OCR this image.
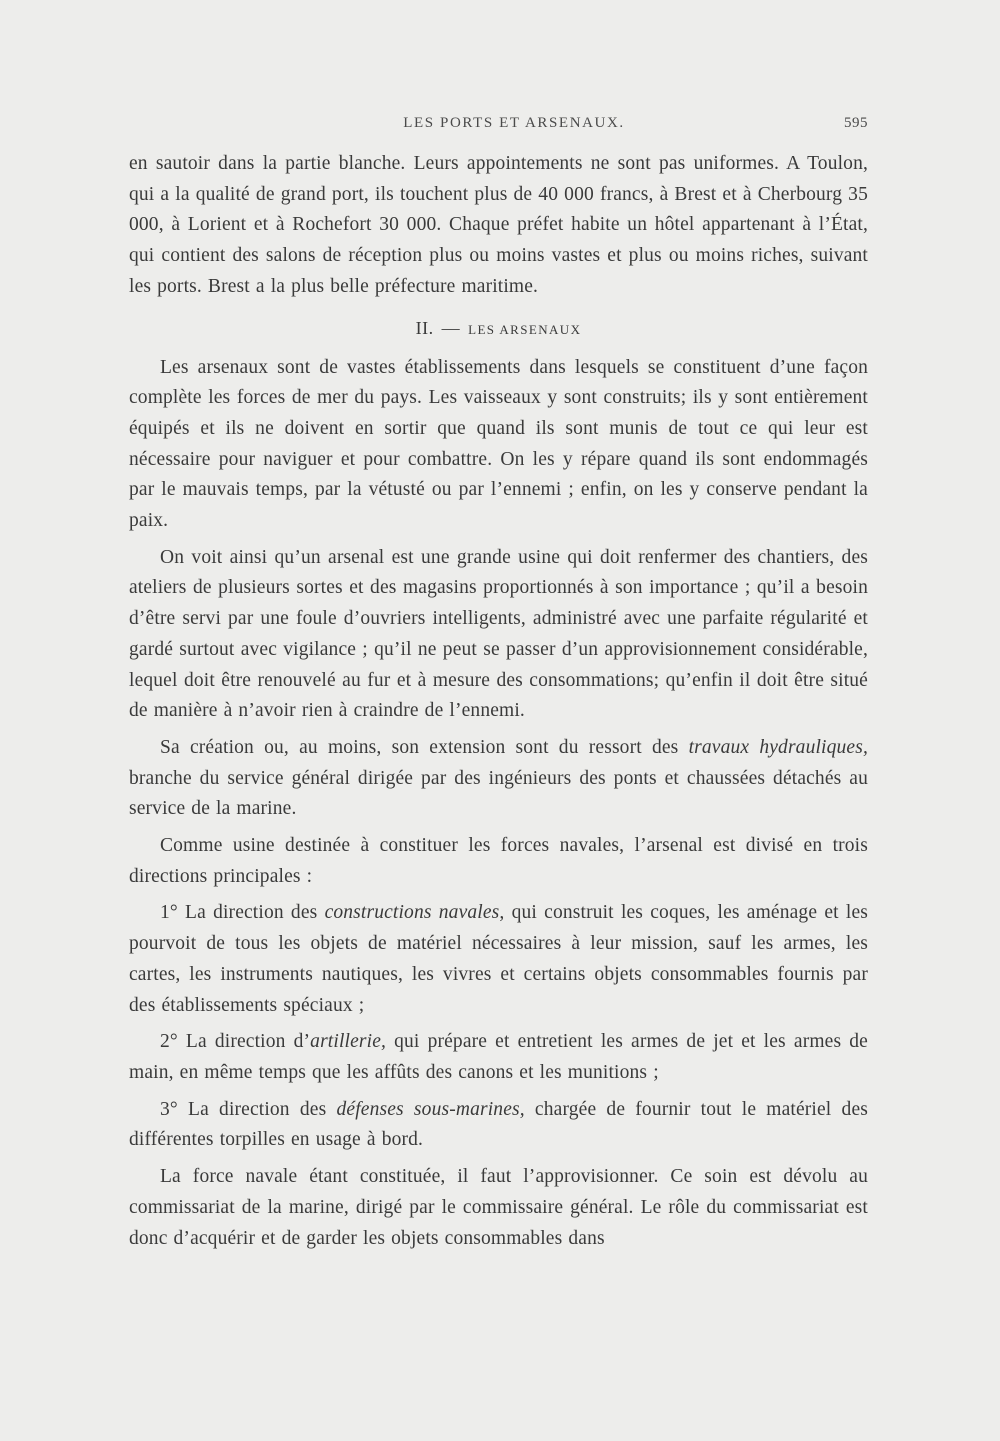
LES PORTS ET ARSENAUX.	595

en sautoir dans la partie blanche. Leurs appointements ne sont pas uniformes. A Toulon, qui a la qualité de grand port, ils touchent plus de 40 000 francs, à Brest et à Cherbourg 35 000, à Lorient et à Rochefort 30 000. Chaque préfet habite un hôtel appartenant à l’État, qui contient des salons de réception plus ou moins vastes et plus ou moins riches, suivant les ports. Brest a la plus belle préfecture maritime.

II. — LES ARSENAUX

Les arsenaux sont de vastes établissements dans lesquels se constituent d’une façon complète les forces de mer du pays. Les vaisseaux y sont construits; ils y sont entièrement équipés et ils ne doivent en sortir que quand ils sont munis de tout ce qui leur est nécessaire pour naviguer et pour combattre. On les y répare quand ils sont endommagés par le mauvais temps, par la vétusté ou par l’ennemi ; enfin, on les y conserve pendant la paix.

On voit ainsi qu’un arsenal est une grande usine qui doit renfermer des chantiers, des ateliers de plusieurs sortes et des magasins proportionnés à son importance ; qu’il a besoin d’être servi par une foule d’ouvriers intelligents, administré avec une parfaite régularité et gardé surtout avec vigilance ; qu’il ne peut se passer d’un approvisionnement considérable, lequel doit être renouvelé au fur et à mesure des consommations; qu’enfin il doit être situé de manière à n’avoir rien à craindre de l’ennemi.

Sa création ou, au moins, son extension sont du ressort des travaux hydrauliques, branche du service général dirigée par des ingénieurs des ponts et chaussées détachés au service de la marine.

Comme usine destinée à constituer les forces navales, l’arsenal est divisé en trois directions principales :

1° La direction des constructions navales, qui construit les coques, les aménage et les pourvoit de tous les objets de matériel nécessaires à leur mission, sauf les armes, les cartes, les instruments nautiques, les vivres et certains objets consommables fournis par des établissements spéciaux ;

2° La direction d’artillerie, qui prépare et entretient les armes de jet et les armes de main, en même temps que les affûts des canons et les munitions ;

3° La direction des défenses sous-marines, chargée de fournir tout le matériel des différentes torpilles en usage à bord.

La force navale étant constituée, il faut l’approvisionner. Ce soin est dévolu au commissariat de la marine, dirigé par le commissaire général. Le rôle du commissariat est donc d’acquérir et de garder les objets consommables dans
